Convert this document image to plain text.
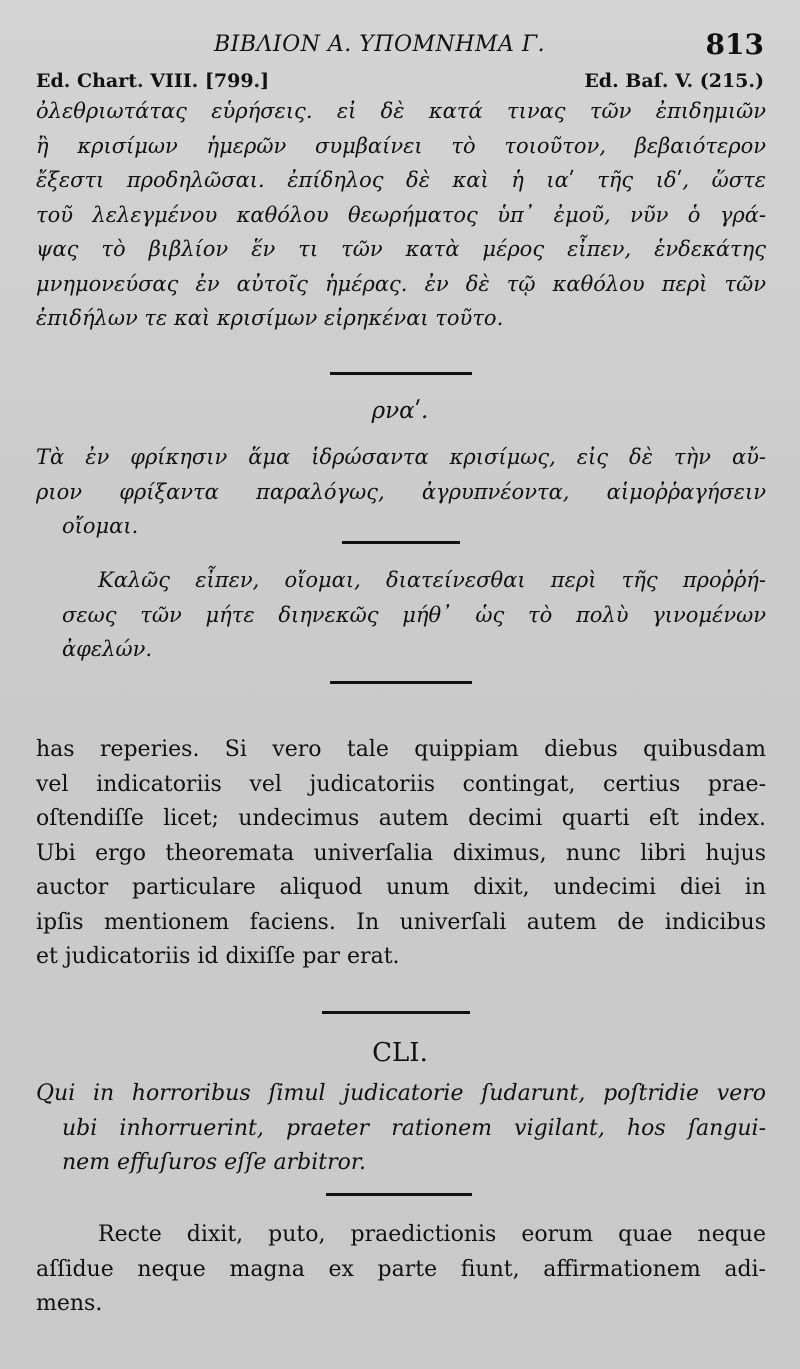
ΒΙΒΛΙΟΝ Α. ΥΠΟΜΝΗΜΑ Γ.	813
Ed. Chart. VIII. [799.]	Ed. Baſ. V. (215.)
ὀλεθριωτάτας εὑρήσεις. εἰ δὲ κατά τινας τῶν ἐπιδημιῶν
ἢ κρισίμων ἡμερῶν συμβαίνει τὸ τοιοῦτον, βεβαιότερον
ἔξεστι προδηλῶσαι. ἐπίδηλος δὲ καὶ ἡ ιαʹ τῆς ιδʹ, ὥστε
τοῦ λελεγμένου καθόλου θεωρήματος ὑπ᾽ ἐμοῦ, νῦν ὁ γρά-
ψας τὸ βιβλίον ἕν τι τῶν κατὰ μέρος εἶπεν, ἑνδεκάτης
μνημονεύσας ἐν αὐτοῖς ἡμέρας. ἐν δὲ τῷ καθόλου περὶ τῶν
ἐπιδήλων τε καὶ κρισίμων εἰρηκέναι τοῦτο.
ρναʹ.
Τὰ ἐν φρίκησιν ἅμα ἱδρώσαντα κρισίμως, εἰς δὲ τὴν αὔ-
ριον φρίξαντα παραλόγως, ἀγρυπνέοντα, αἱμοῤῥαγήσειν
οἴομαι.
Καλῶς εἶπεν, οἴομαι, διατείνεσθαι περὶ τῆς προῤῥή-
σεως τῶν μήτε διηνεκῶς μήθ᾽ ὡς τὸ πολὺ γινομένων
ἀφελών.
has reperies. Si vero tale quippiam diebus quibusdam
vel indicatoriis vel judicatoriis contingat, certius prae-
oſtendiſſe licet; undecimus autem decimi quarti eſt index.
Ubi ergo theoremata univerſalia diximus, nunc libri hujus
auctor particulare aliquod unum dixit, undecimi diei in
ipſis mentionem faciens. In univerſali autem de indicibus
et judicatoriis id dixiſſe par erat.
CLI.
Qui in horroribus ſimul judicatorie ſudarunt, poſtridie vero
ubi inhorruerint, praeter rationem vigilant, hos ſangui-
nem effuſuros eſſe arbitror.
Recte dixit, puto, praedictionis eorum quae neque
aſſidue neque magna ex parte fiunt, affirmationem adi-
mens.
